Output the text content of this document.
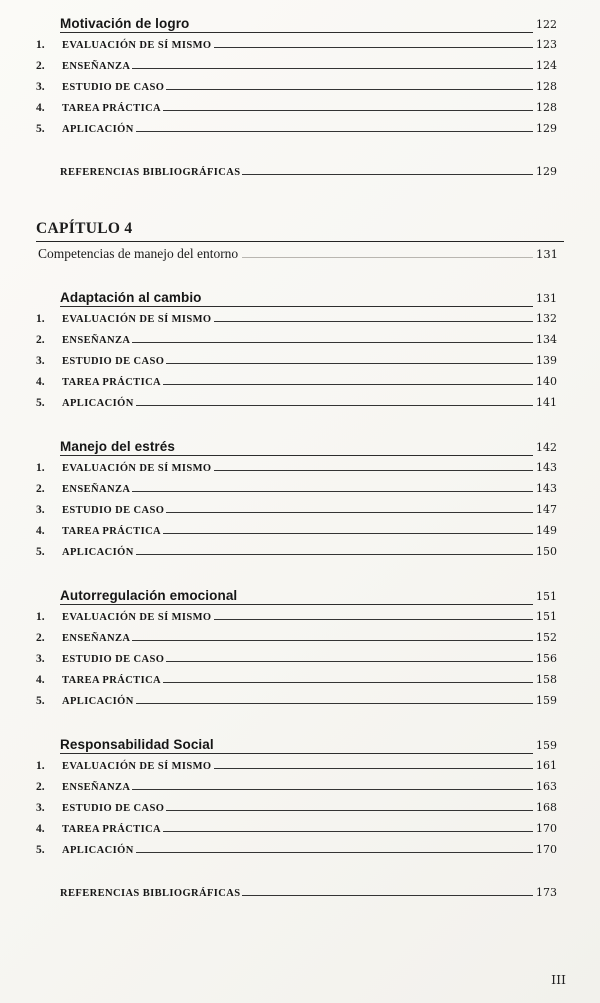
Motivación de logro	122
1.	EVALUACIÓN DE SÍ MISMO	123
2.	ENSEÑANZA	124
3.	ESTUDIO DE CASO	128
4.	TAREA PRÁCTICA	128
5.	APLICACIÓN	129
REFERENCIAS BIBLIOGRÁFICAS	129
CAPÍTULO 4
Competencias de manejo del entorno	131
Adaptación al cambio	131
1.	EVALUACIÓN DE SÍ MISMO	132
2.	ENSEÑANZA	134
3.	ESTUDIO DE CASO	139
4.	TAREA PRÁCTICA	140
5.	APLICACIÓN	141
Manejo del estrés	142
1.	EVALUACIÓN DE SÍ MISMO	143
2.	ENSEÑANZA	143
3.	ESTUDIO DE CASO	147
4.	TAREA PRÁCTICA	149
5.	APLICACIÓN	150
Autorregulación emocional	151
1.	EVALUACIÓN DE SÍ MISMO	151
2.	ENSEÑANZA	152
3.	ESTUDIO DE CASO	156
4.	TAREA PRÁCTICA	158
5.	APLICACIÓN	159
Responsabilidad Social	159
1.	EVALUACIÓN DE SÍ MISMO	161
2.	ENSEÑANZA	163
3.	ESTUDIO DE CASO	168
4.	TAREA PRÁCTICA	170
5.	APLICACIÓN	170
REFERENCIAS BIBLIOGRÁFICAS	173
III
